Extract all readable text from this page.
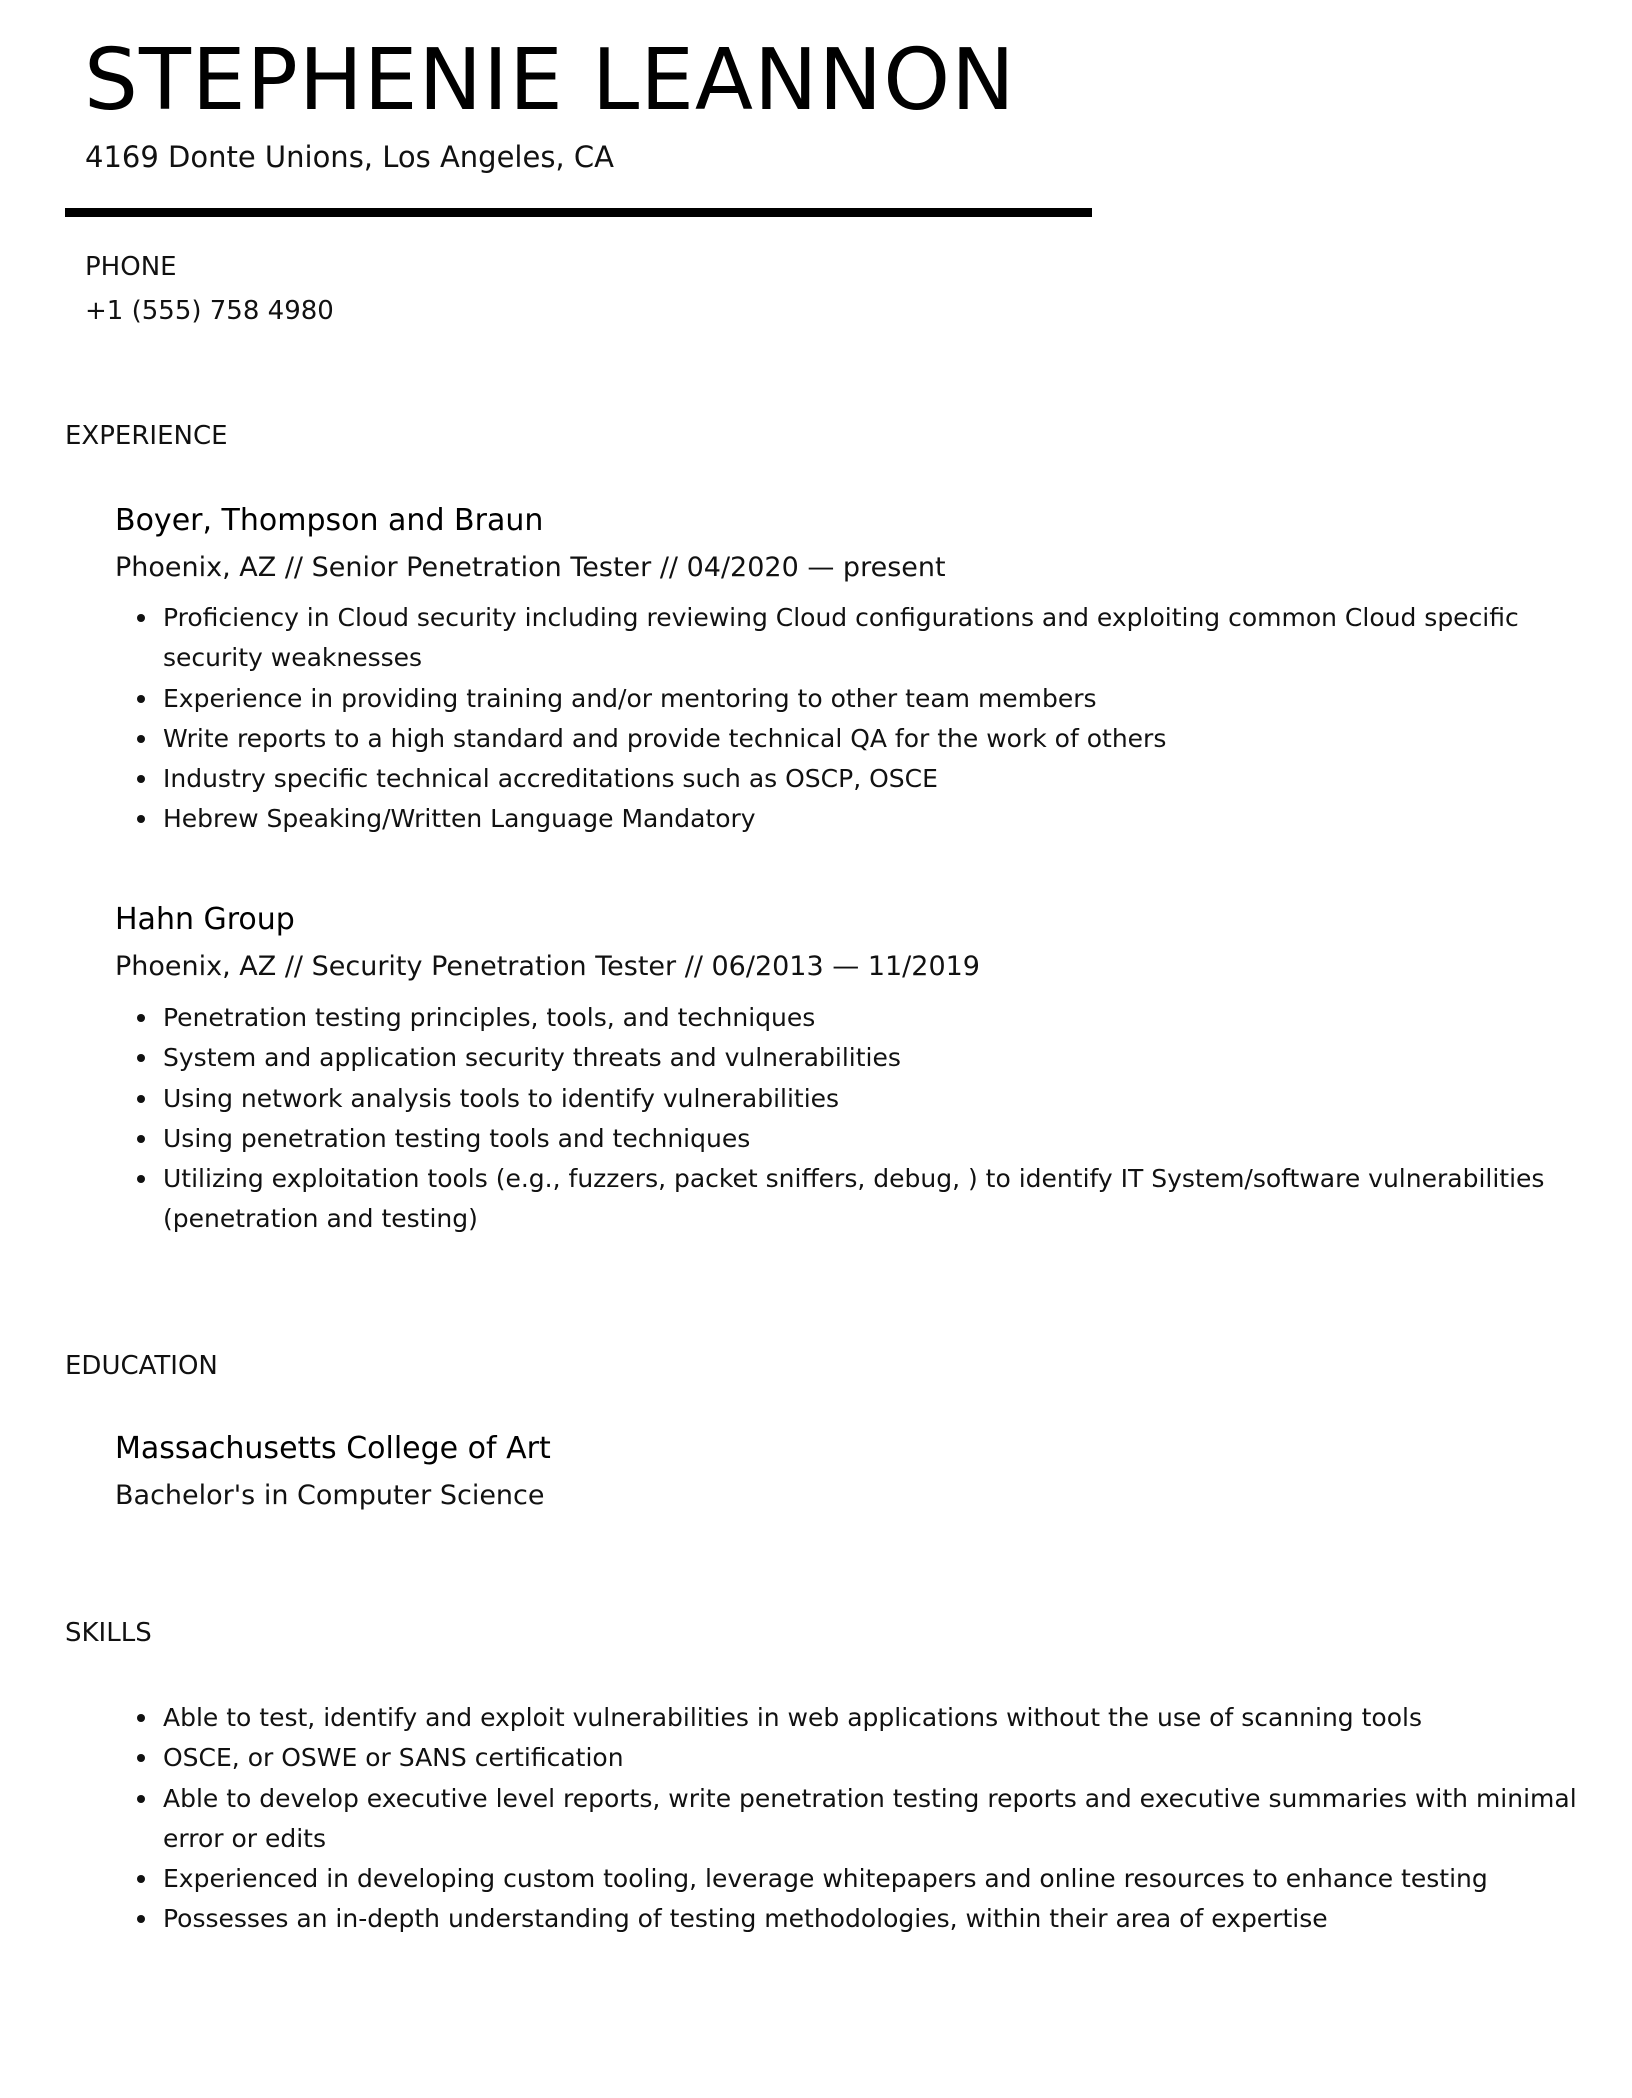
STEPHENIE LEANNON
4169 Donte Unions, Los Angeles, CA
PHONE
+1 (555) 758 4980
EXPERIENCE
Boyer, Thompson and Braun
Phoenix, AZ // Senior Penetration Tester // 04/2020 — present
Proficiency in Cloud security including reviewing Cloud configurations and exploiting common Cloud specific security weaknesses
Experience in providing training and/or mentoring to other team members
Write reports to a high standard and provide technical QA for the work of others
Industry specific technical accreditations such as OSCP, OSCE
Hebrew Speaking/Written Language Mandatory
Hahn Group
Phoenix, AZ // Security Penetration Tester // 06/2013 — 11/2019
Penetration testing principles, tools, and techniques
System and application security threats and vulnerabilities
Using network analysis tools to identify vulnerabilities
Using penetration testing tools and techniques
Utilizing exploitation tools (e.g., fuzzers, packet sniffers, debug, ) to identify IT System/software vulnerabilities (penetration and testing)
EDUCATION
Massachusetts College of Art
Bachelor's in Computer Science
SKILLS
Able to test, identify and exploit vulnerabilities in web applications without the use of scanning tools
OSCE, or OSWE or SANS certification
Able to develop executive level reports, write penetration testing reports and executive summaries with minimal error or edits
Experienced in developing custom tooling, leverage whitepapers and online resources to enhance testing
Possesses an in-depth understanding of testing methodologies, within their area of expertise
